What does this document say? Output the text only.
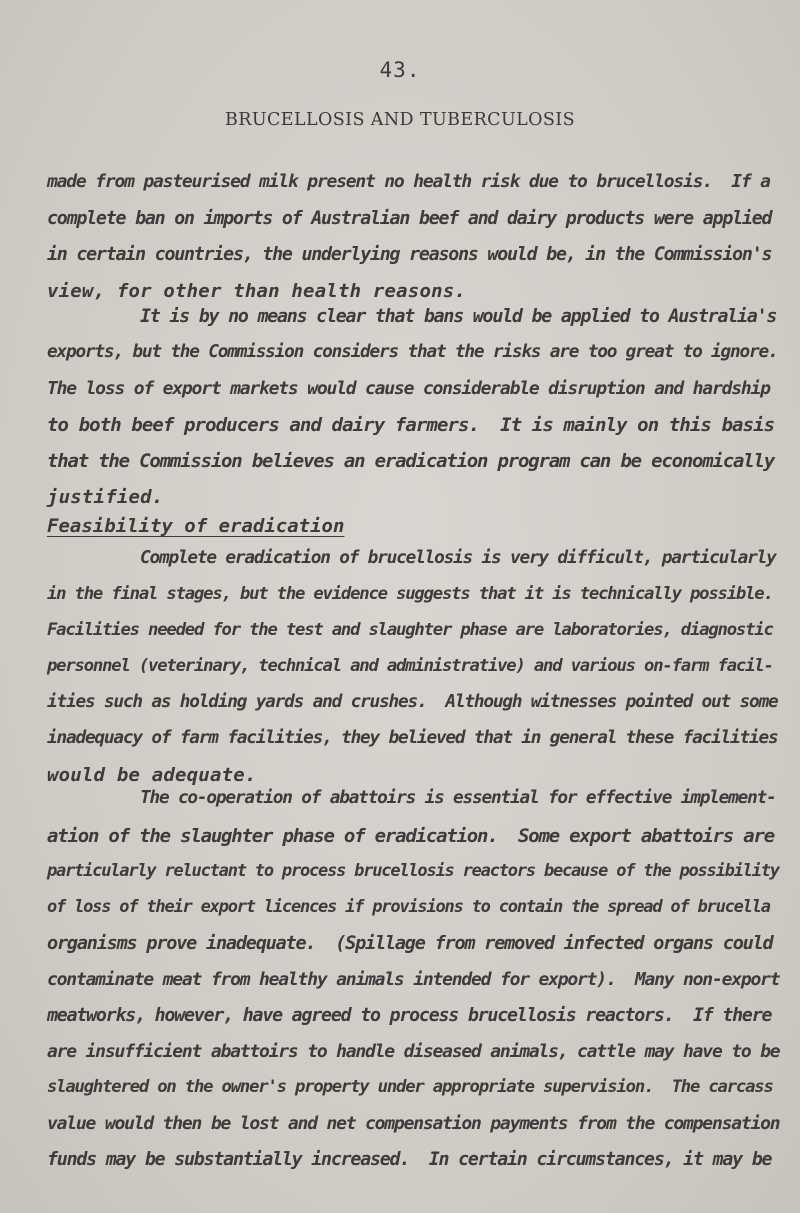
43.
BRUCELLOSIS AND TUBERCULOSIS
made from pasteurised milk present no health risk due to brucellosis.  If a
complete ban on imports of Australian beef and dairy products were applied
in certain countries, the underlying reasons would be, in the Commission's
view, for other than health reasons.
It is by no means clear that bans would be applied to Australia's
exports, but the Commission considers that the risks are too great to ignore.
The loss of export markets would cause considerable disruption and hardship
to both beef producers and dairy farmers.  It is mainly on this basis
that the Commission believes an eradication program can be economically
justified.
Feasibility of eradication
Complete eradication of brucellosis is very difficult, particularly
in the final stages, but the evidence suggests that it is technically possible.
Facilities needed for the test and slaughter phase are laboratories, diagnostic
personnel (veterinary, technical and administrative) and various on-farm facil-
ities such as holding yards and crushes.  Although witnesses pointed out some
inadequacy of farm facilities, they believed that in general these facilities
would be adequate.
The co-operation of abattoirs is essential for effective implement-
ation of the slaughter phase of eradication.  Some export abattoirs are
particularly reluctant to process brucellosis reactors because of the possibility
of loss of their export licences if provisions to contain the spread of brucella
organisms prove inadequate.  (Spillage from removed infected organs could
contaminate meat from healthy animals intended for export).  Many non-export
meatworks, however, have agreed to process brucellosis reactors.  If there
are insufficient abattoirs to handle diseased animals, cattle may have to be
slaughtered on the owner's property under appropriate supervision.  The carcass
value would then be lost and net compensation payments from the compensation
funds may be substantially increased.  In certain circumstances, it may be
